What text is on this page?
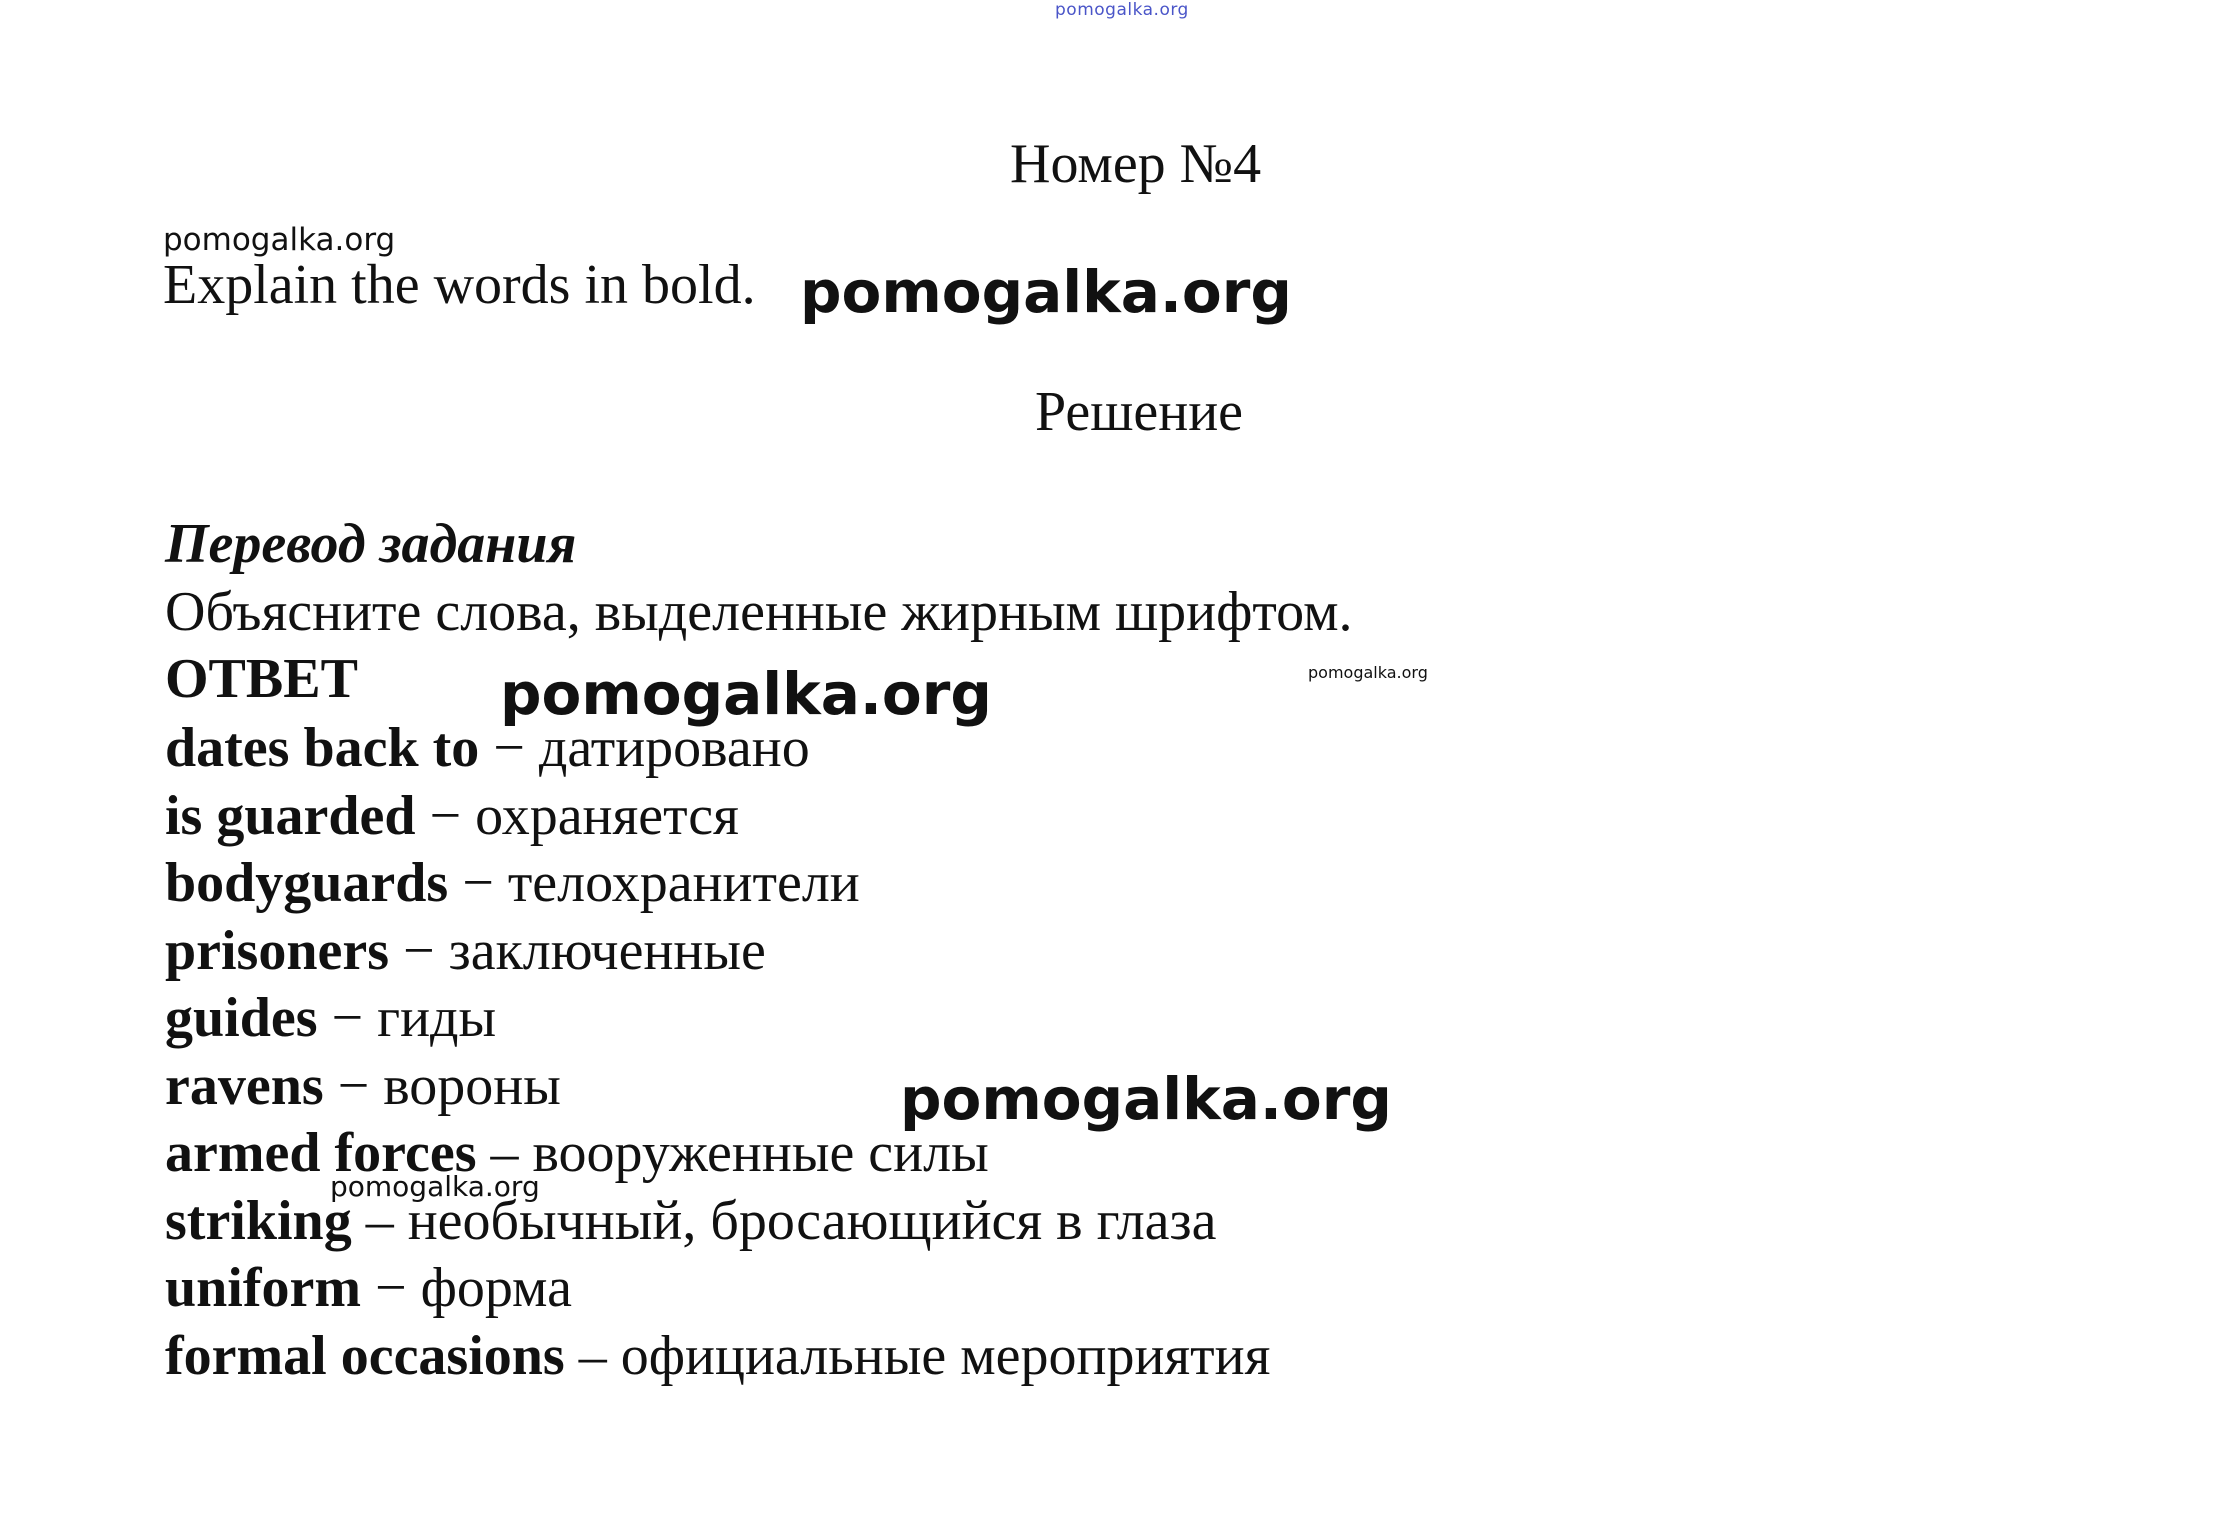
pomogalka.org
Номер №4
pomogalka.org
Explain the words in bold. pomogalka.org
Решение
Перевод задания
Объясните слова, выделенные жирным шрифтом.
ОТВЕТ
dates back to − датировано
is guarded − охраняется
bodyguards − телохранители
prisoners − заключенные
guides − гиды
ravens − вороны
armed forces – вооруженные силы
striking – необычный, бросающийся в глаза
uniform − форма
formal occasions – официальные мероприятия
pomogalka.org
pomogalka.org
pomogalka.org
pomogalka.org
